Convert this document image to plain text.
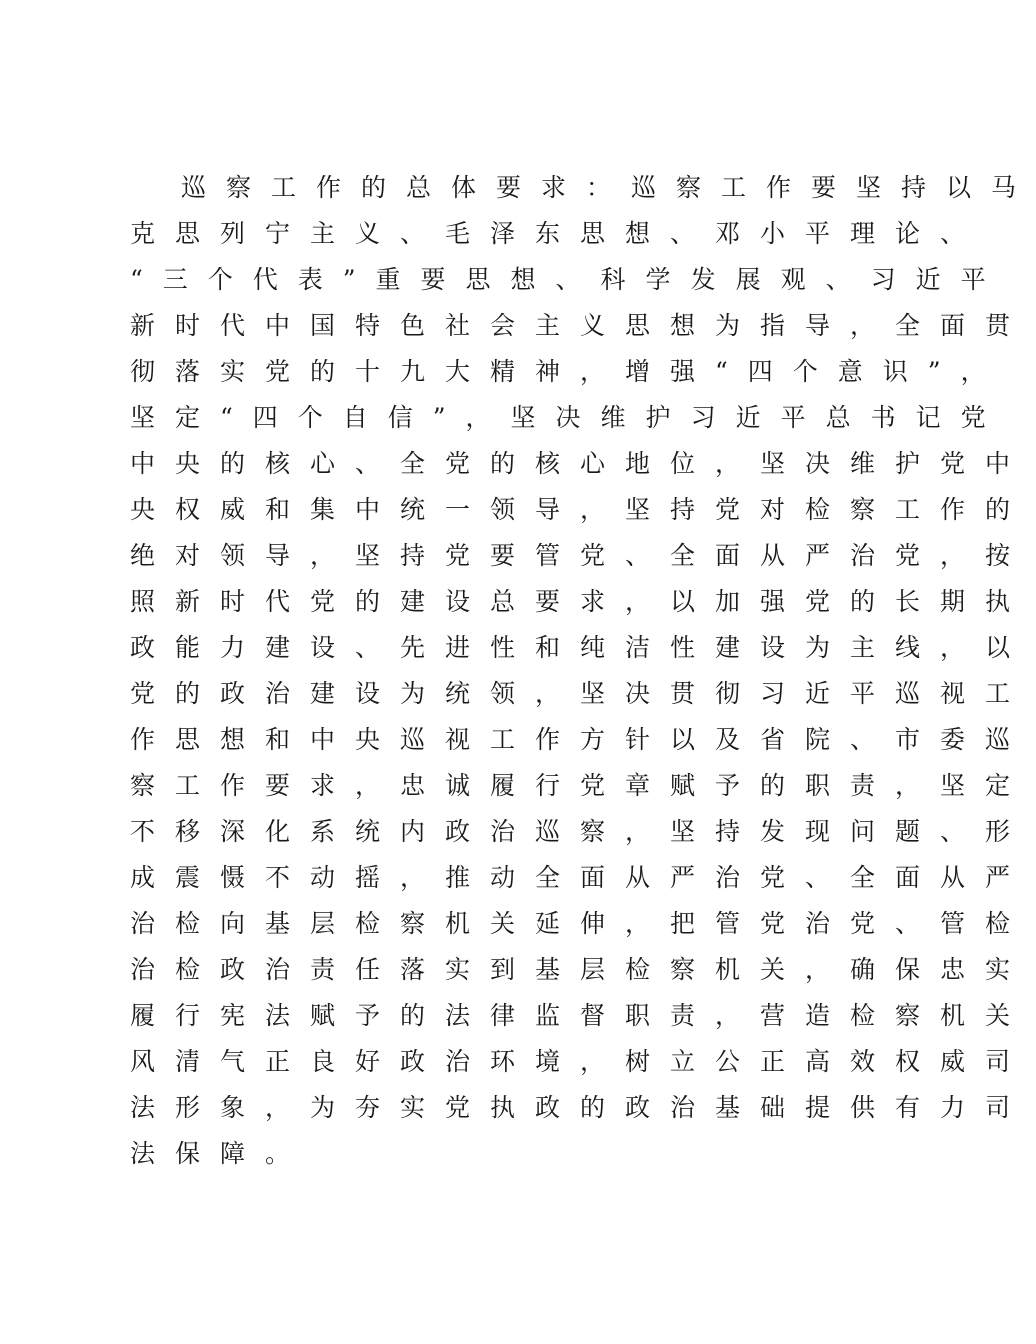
巡察工作的总体要求：巡察工作要坚持以马
克思列宁主义、毛泽东思想、邓小平理论、
“三个代表”重要思想、科学发展观、习近平
新时代中国特色社会主义思想为指导，全面贯
彻落实党的十九大精神，增强“四个意识”，
坚定“四个自信”，坚决维护习近平总书记党
中央的核心、全党的核心地位，坚决维护党中
央权威和集中统一领导，坚持党对检察工作的
绝对领导，坚持党要管党、全面从严治党，按
照新时代党的建设总要求，以加强党的长期执
政能力建设、先进性和纯洁性建设为主线，以
党的政治建设为统领，坚决贯彻习近平巡视工
作思想和中央巡视工作方针以及省院、市委巡
察工作要求，忠诚履行党章赋予的职责，坚定
不移深化系统内政治巡察，坚持发现问题、形
成震慑不动摇，推动全面从严治党、全面从严
治检向基层检察机关延伸，把管党治党、管检
治检政治责任落实到基层检察机关，确保忠实
履行宪法赋予的法律监督职责，营造检察机关
风清气正良好政治环境，树立公正高效权威司
法形象，为夯实党执政的政治基础提供有力司
法保障。
